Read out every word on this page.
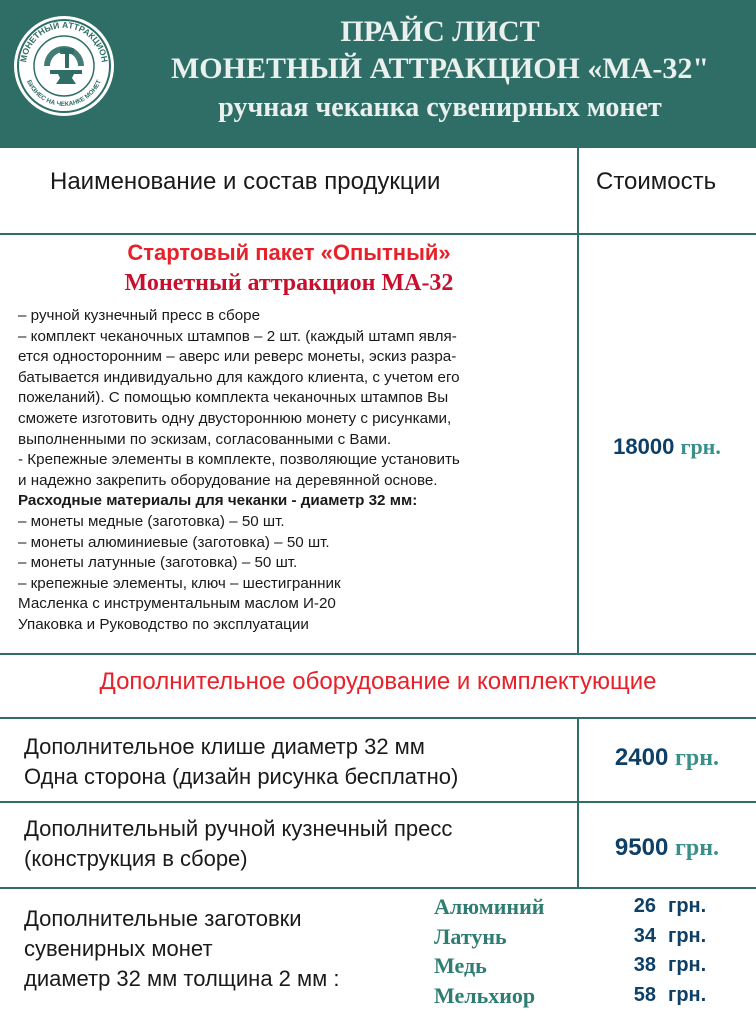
МОНЕТНЫЙ АТТРАКЦИОН
БИЗНЕС НА ЧЕКАНКЕ МОНЕТ
ПРАЙС ЛИСТ
МОНЕТНЫЙ АТТРАКЦИОН «МА-32"
ручная чеканка сувенирных монет
Наименование и состав продукции	Стоимость
Стартовый пакет «Опытный»
Монетный аттракцион МА-32
– ручной кузнечный пресс в сборе
– комплект чеканочных штампов – 2 шт. (каждый штамп явля-
ется односторонним – аверс или реверс монеты, эскиз разра-
батывается индивидуально для каждого клиента, с учетом его
пожеланий). С помощью комплекта чеканочных штампов Вы
сможете изготовить одну двустороннюю монету с рисунками,
выполненными по эскизам, согласованными с Вами.
- Крепежные элементы в комплекте, позволяющие установить
и надежно закрепить оборудование на деревянной основе.
Расходные материалы для чеканки - диаметр 32 мм:
– монеты медные (заготовка) – 50 шт.
– монеты алюминиевые (заготовка) – 50 шт.
– монеты латунные (заготовка) – 50 шт.
– крепежные элементы, ключ – шестигранник
Масленка с инструментальным маслом И-20
Упаковка и Руководство по эксплуатации
18000 грн.
Дополнительное оборудование и комплектующие
Дополнительное клише диаметр 32 мм
Одна сторона (дизайн рисунка бесплатно)
2400 грн.
Дополнительный ручной кузнечный пресс
(конструкция в сборе)	9500 грн.
Дополнительные заготовки
сувенирных монет
диаметр 32 мм толщина 2 мм :
Алюминий
Латунь
Медь
Мельхиор
26 грн.
34 грн.
38 грн.
58 грн.
